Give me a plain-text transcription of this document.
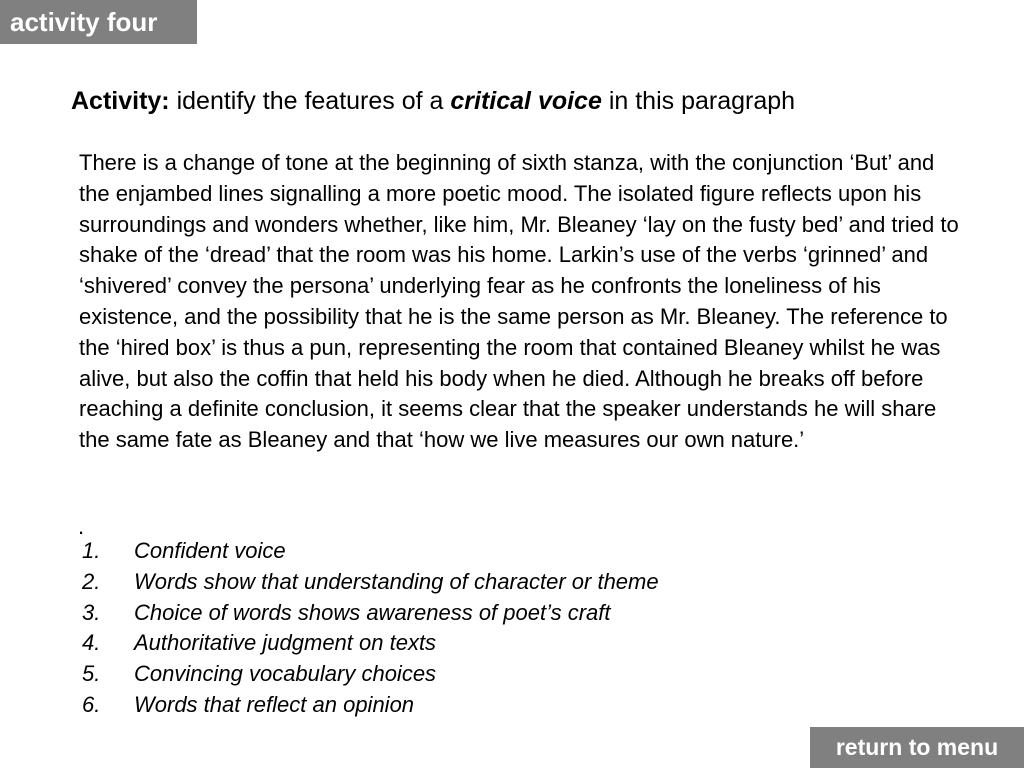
activity four
Activity: identify the features of a critical voice in this paragraph

There is a change of tone at the beginning of sixth stanza, with the conjunction ‘But’ and the enjambed lines signalling a more poetic mood. The isolated figure reflects upon his surroundings and wonders whether, like him, Mr. Bleaney ‘lay on the fusty bed’ and tried to shake of the ‘dread’ that the room was his home. Larkin’s use of the verbs ‘grinned’ and ‘shivered’ convey the persona’ underlying fear as he confronts the loneliness of his existence, and the possibility that he is the same person as Mr. Bleaney. The reference to the ‘hired box’ is thus a pun, representing the room that contained Bleaney whilst he was alive, but also the coffin that held his body when he died. Although he breaks off before reaching a definite conclusion, it seems clear that the speaker understands he will share the same fate as Bleaney and that ‘how we live measures our own nature.’

.
1. Confident voice
2. Words show that understanding of character or theme
3. Choice of words shows awareness of poet’s craft
4. Authoritative judgment on texts
5. Convincing vocabulary choices
6. Words that reflect an opinion
return to menu
